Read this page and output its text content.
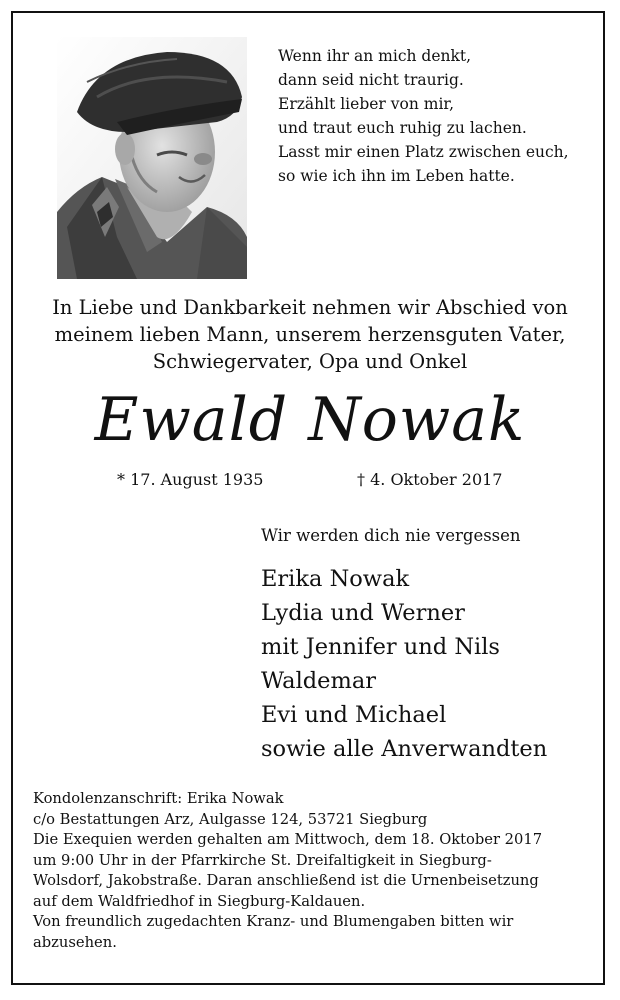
Wenn ihr an mich denkt,
dann seid nicht traurig.
Erzählt lieber von mir,
und traut euch ruhig zu lachen.
Lasst mir einen Platz zwischen euch,
so wie ich ihn im Leben hatte.
In Liebe und Dankbarkeit nehmen wir Abschied von
meinem lieben Mann, unserem herzensguten Vater,
Schwiegervater, Opa und Onkel
Ewald Nowak
* 17. August 1935	† 4. Oktober 2017
Wir werden dich nie vergessen
Erika Nowak
Lydia und Werner
mit Jennifer und Nils
Waldemar
Evi und Michael
sowie alle Anverwandten
Kondolenzanschrift: Erika Nowak
c/o Bestattungen Arz, Aulgasse 124, 53721 Siegburg
Die Exequien werden gehalten am Mittwoch, dem 18. Oktober 2017
um 9:00 Uhr in der Pfarrkirche St. Dreifaltigkeit in Siegburg-
Wolsdorf, Jakobstraße. Daran anschließend ist die Urnenbeisetzung
auf dem Waldfriedhof in Siegburg-Kaldauen.
Von freundlich zugedachten Kranz- und Blumengaben bitten wir
abzusehen.
